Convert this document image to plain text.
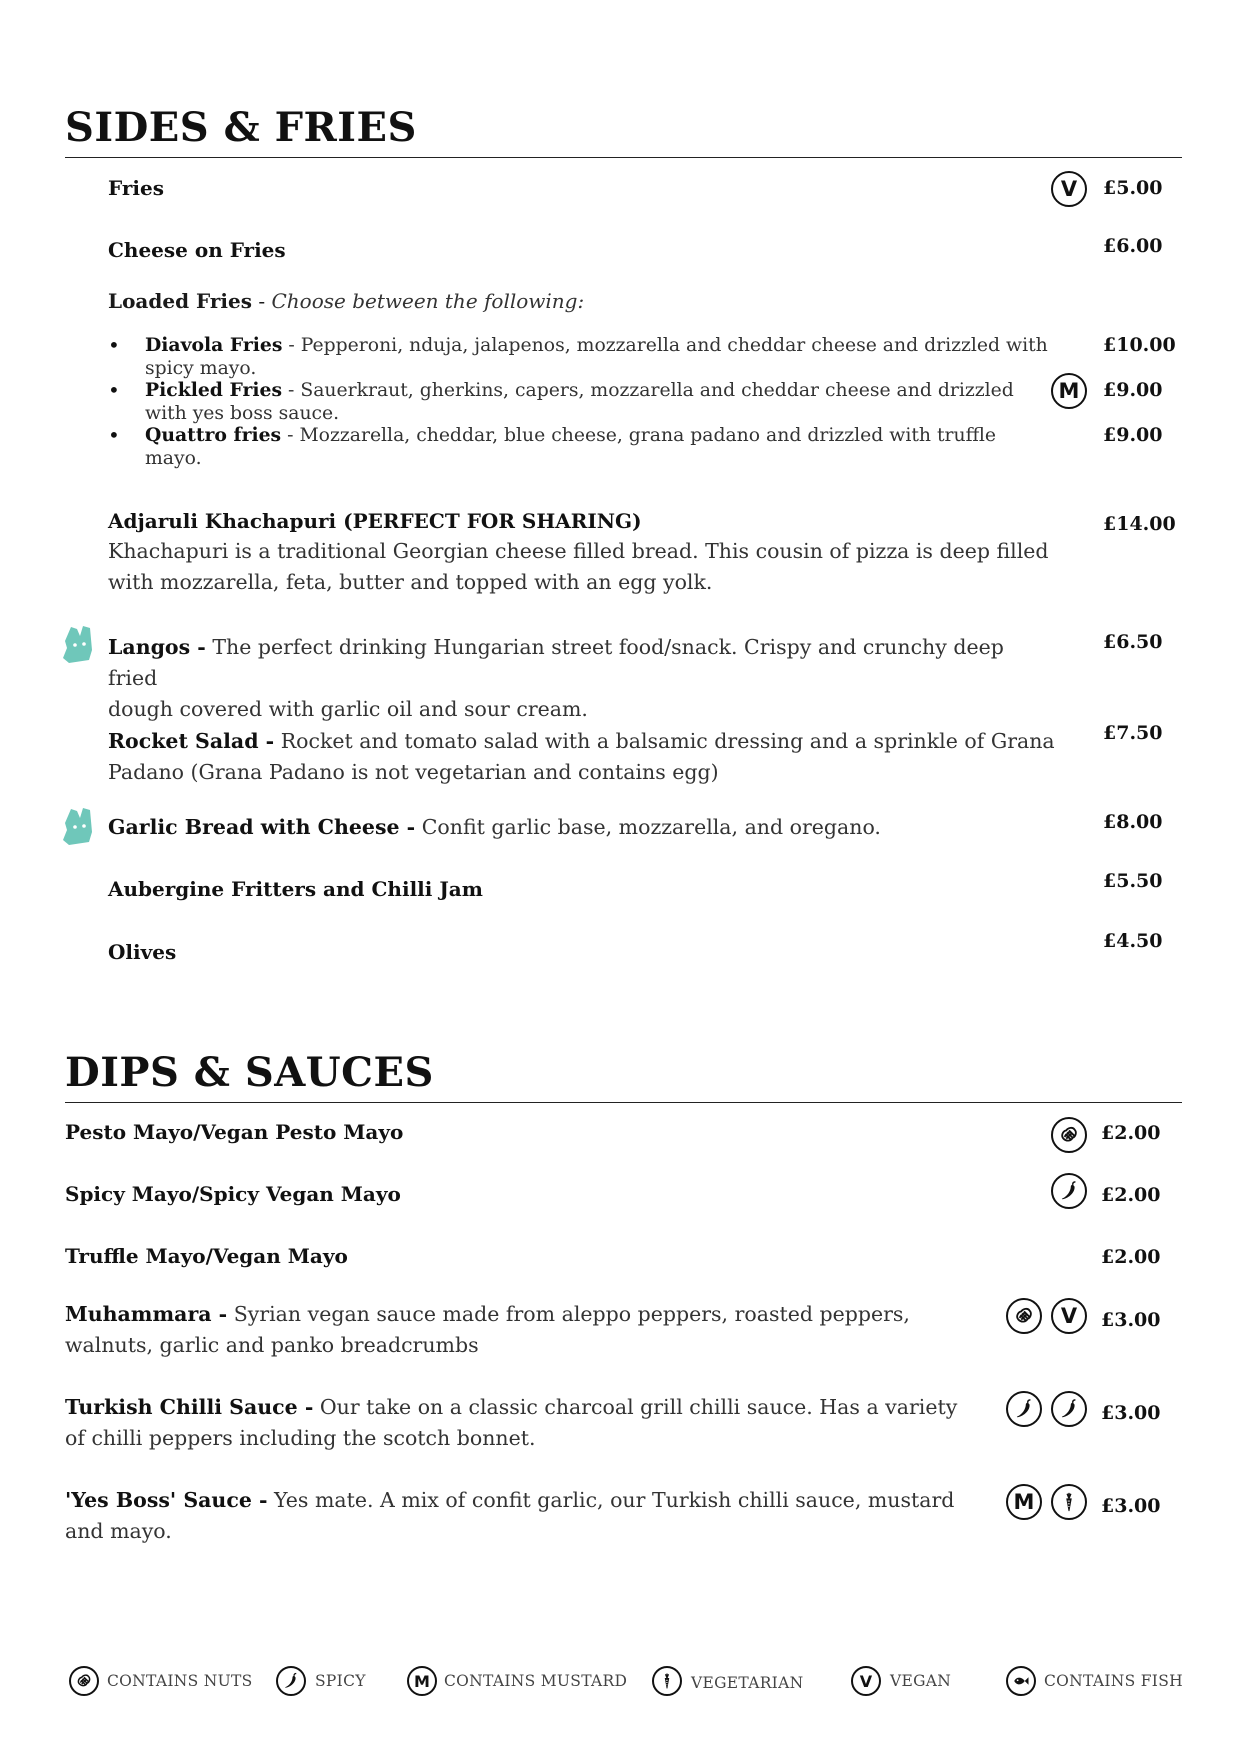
SIDES & FRIES
Fries	V £5.00
Cheese on Fries	£6.00
Loaded Fries - Choose between the following:
• Diavola Fries - Pepperoni, nduja, jalapenos, mozzarella and cheddar cheese and drizzled with
spicy mayo.
£10.00
• Pickled Fries - Sauerkraut, gherkins, capers, mozzarella and cheddar cheese and drizzled
with yes boss sauce.
M £9.00
• Quattro fries - Mozzarella, cheddar, blue cheese, grana padano and drizzled with truffle
mayo.
£9.00
Adjaruli Khachapuri (PERFECT FOR SHARING)
Khachapuri is a traditional Georgian cheese filled bread. This cousin of pizza is deep filled
with mozzarella, feta, butter and topped with an egg yolk.
£14.00
Langos - The perfect drinking Hungarian street food/snack. Crispy and crunchy deep fried
dough covered with garlic oil and sour cream.
£6.50
Rocket Salad - Rocket and tomato salad with a balsamic dressing and a sprinkle of Grana
Padano (Grana Padano is not vegetarian and contains egg)
£7.50
Garlic Bread with Cheese - Confit garlic base, mozzarella, and oregano.	£8.00
Aubergine Fritters and Chilli Jam	£5.50
Olives	£4.50
DIPS & SAUCES
Pesto Mayo/Vegan Pesto Mayo	£2.00
Spicy Mayo/Spicy Vegan Mayo	£2.00
Truffle Mayo/Vegan Mayo	£2.00
Muhammara - Syrian vegan sauce made from aleppo peppers, roasted peppers,
walnuts, garlic and panko breadcrumbs
V £3.00
Turkish Chilli Sauce - Our take on a classic charcoal grill chilli sauce. Has a variety
of chilli peppers including the scotch bonnet.
£3.00
'Yes Boss' Sauce - Yes mate. A mix of confit garlic, our Turkish chilli sauce, mustard
and mayo.
M	£3.00
CONTAINS NUTS	SPICY	M CONTAINS MUSTARD	VEGETARIAN	V VEGAN	CONTAINS FISH
